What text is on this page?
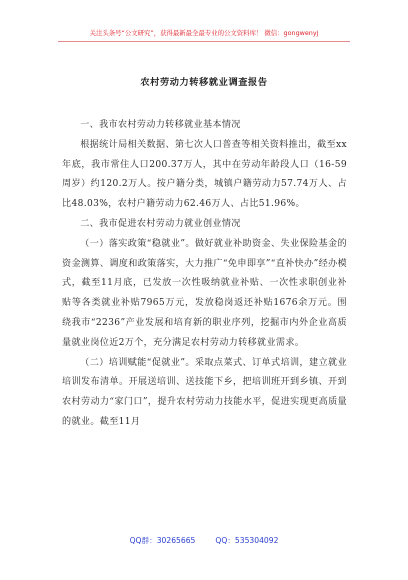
关注头条号“公文研究”，获得最新最全最专业的公文资料库！ 微信：gongwenyj
农村劳动力转移就业调查报告

一、我市农村劳动力转移就业基本情况

根据统计局相关数据、第七次人口普查等相关资料推出，截至xx年底，我市常住人口200.37万人，其中在劳动年龄段人口（16-59周岁）约120.2万人。按户籍分类，城镇户籍劳动力57.74万人、占比48.03%，农村户籍劳动力62.46万人、占比51.96%。

二、我市促进农村劳动力就业创业情况

（一）落实政策“稳就业”。做好就业补助资金、失业保险基金的资金测算、调度和政策落实，大力推广“免申即享”“直补快办”经办模式，截至11月底，已发放一次性吸纳就业补贴、一次性求职创业补贴等各类就业补贴7965万元，发放稳岗返还补贴1676余万元。围绕我市“2236”产业发展和培育新的职业序列，挖掘市内外企业高质量就业岗位近2万个，充分满足农村劳动力转移就业需求。

（二）培训赋能“促就业”。采取点菜式、订单式培训，建立就业培训发布清单。开展送培训、送技能下乡，把培训班开到乡镇、开到农村劳动力“家门口”，提升农村劳动力技能水平，促进实现更高质量的就业。截至11月

QQ群：30265665	QQ：535304092
